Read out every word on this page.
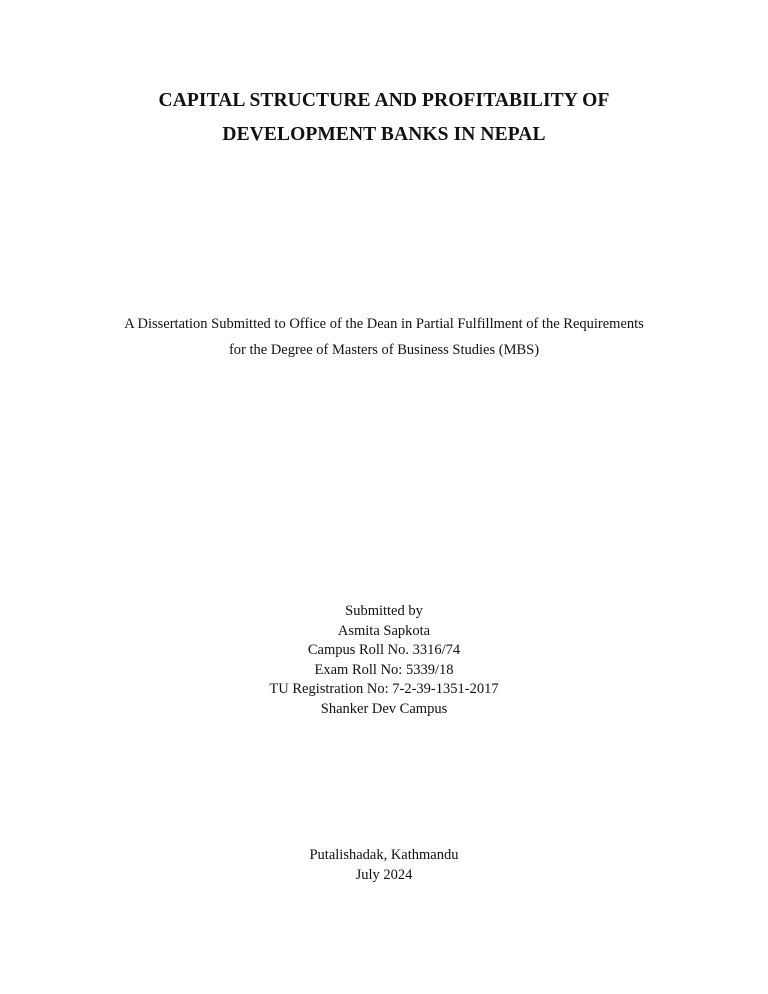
CAPITAL STRUCTURE AND PROFITABILITY OF
DEVELOPMENT BANKS IN NEPAL
A Dissertation Submitted to Office of the Dean in Partial Fulfillment of the Requirements
for the Degree of Masters of Business Studies (MBS)
Submitted by
Asmita Sapkota
Campus Roll No. 3316/74
Exam Roll No: 5339/18
TU Registration No: 7-2-39-1351-2017
Shanker Dev Campus
Putalishadak, Kathmandu
July 2024
